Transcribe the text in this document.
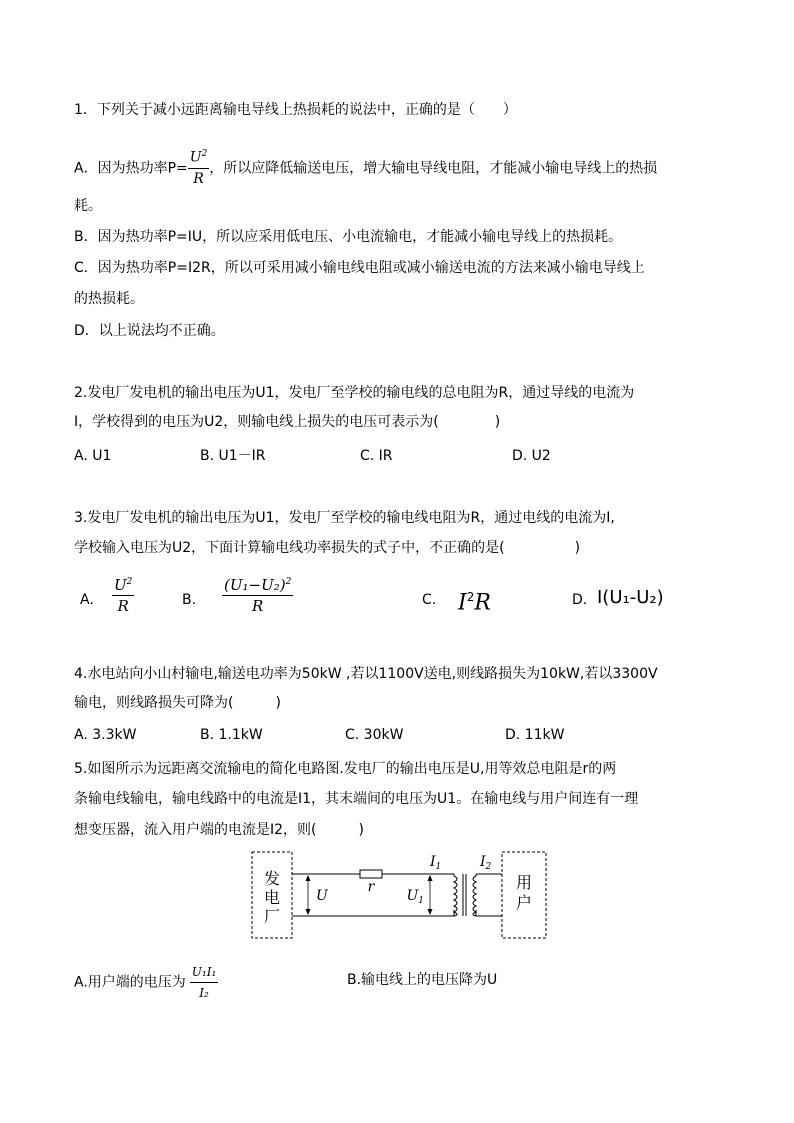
1．下列关于减小远距离输电导线上热损耗的说法中，正确的是（　　）
A．因为热功率$P= \frac{U^2}{R}$ ，所以应降低输送电压，增大输电导线电阻，才能减小输电导线上的热损
耗。
B．因为热功率P=IU，所以应采用低电压、小电流输电，才能减小输电导线上的热损耗。
C．因为热功率P=I2R，所以可采用减小输电线电阻或减小输送电流的方法来减小输电导线上
的热损耗。
D．以上说法均不正确。
2.发电厂发电机的输出电压为U1，发电厂至学校的输电线的总电阻为R，通过导线的电流为
I，学校得到的电压为U2，则输电线上损失的电压可表示为(　　　　)
A. U1	B. U1－IR	C. IR	D. U2
3.发电厂发电机的输出电压为U1，发电厂至学校的输电线电阻为R，通过电线的电流为I,
学校输入电压为U2，下面计算输电线功率损失的式子中，不正确的是(　　　　　)
A. $\frac{U^2}{R}$	B. $\frac{(U_1-U_2)^2}{R}$	C. $I^2R$	D. I(U₁-U₂)
4.水电站向小山村输电,输送电功率为50kW ,若以1100V送电,则线路损失为10kW,若以3300V
输电，则线路损失可降为(　　　)
A. 3.3kW	B. 1.1kW	C. 30kW	D. 11kW
5.如图所示为远距离交流输电的简化电路图.发电厂的输出电压是U,用等效总电阻是r的两
条输电线输电，输电线路中的电流是I1，其末端间的电压为U1。在输电线与用户间连有一理
想变压器，流入用户端的电流是I2，则(　　　)
发
电
厂
r
U	$U_1$
$I_1$	$I_2$
用
户
A.用户端的电压为 $\frac{\text{U₁I₁}}{\text{I₂}}$	B.输电线上的电压降为U
